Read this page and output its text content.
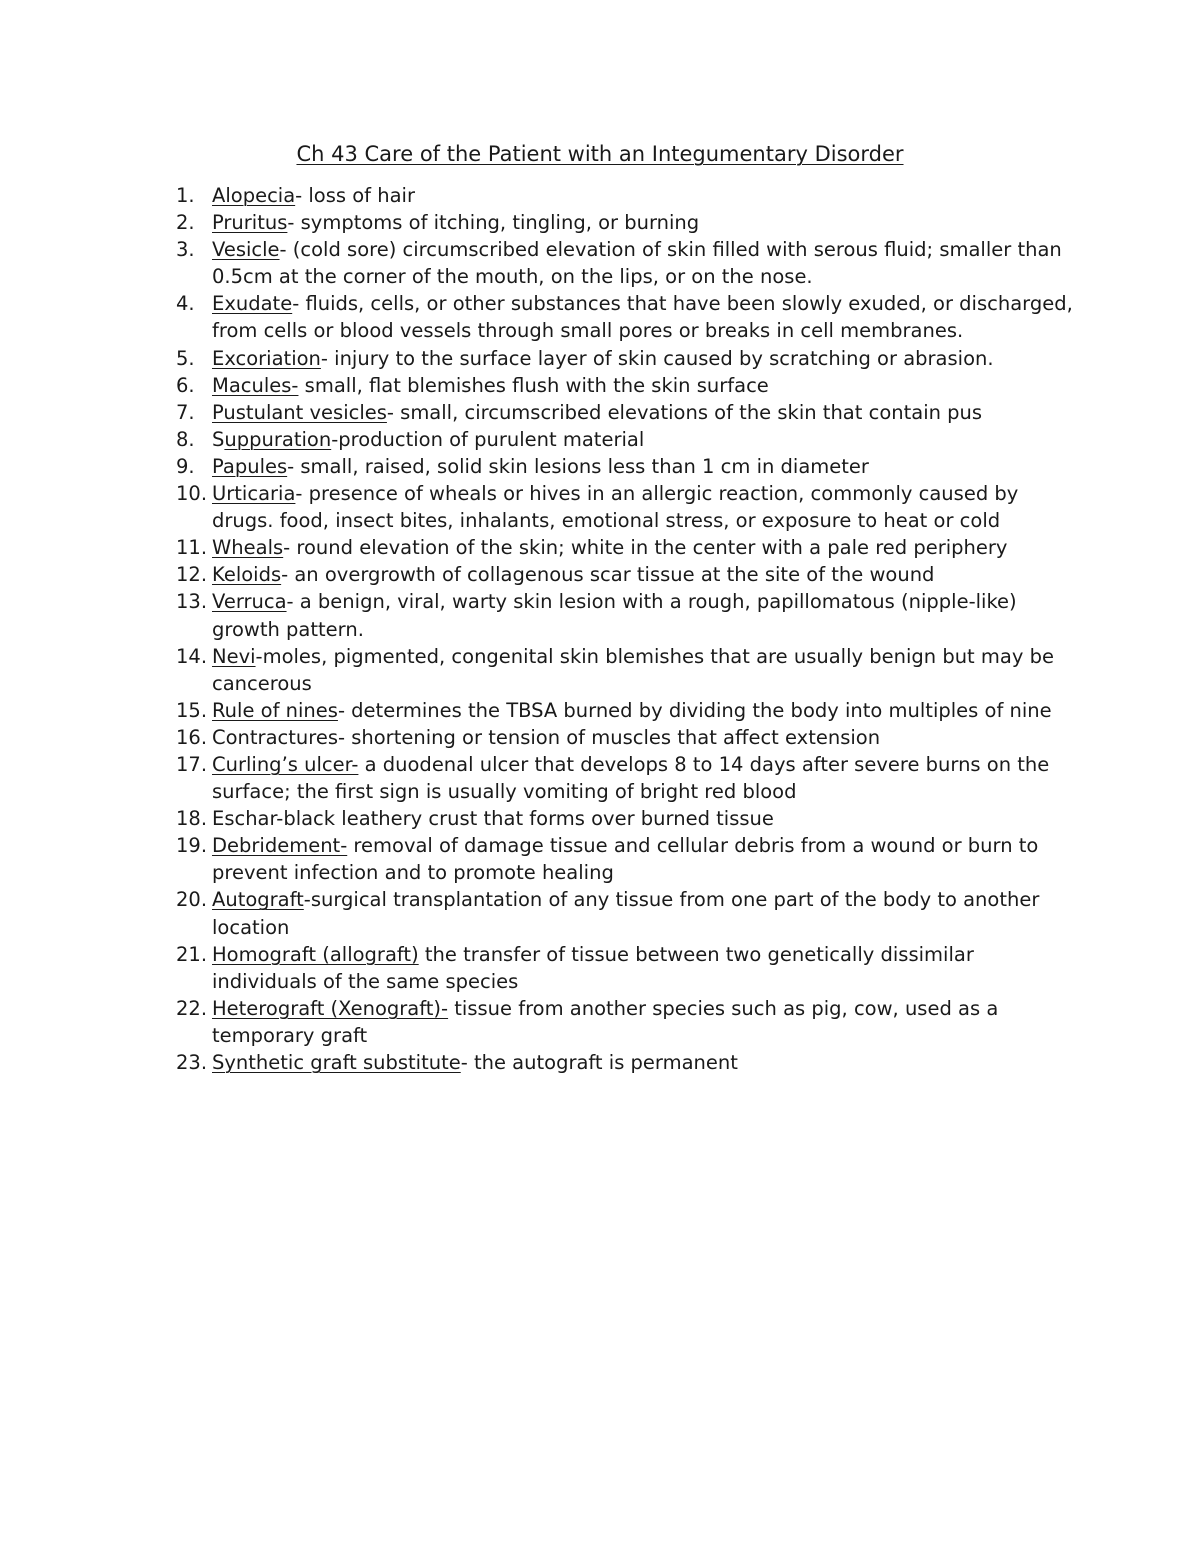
Ch 43 Care of the Patient with an Integumentary Disorder
1. Alopecia- loss of hair
2. Pruritus- symptoms of itching, tingling, or burning
3. Vesicle- (cold sore) circumscribed elevation of skin filled with serous fluid; smaller than 0.5cm at the corner of the mouth, on the lips, or on the nose.
4. Exudate- fluids, cells, or other substances that have been slowly exuded, or discharged, from cells or blood vessels through small pores or breaks in cell membranes.
5. Excoriation- injury to the surface layer of skin caused by scratching or abrasion.
6. Macules- small, flat blemishes flush with the skin surface
7. Pustulant vesicles- small, circumscribed elevations of the skin that contain pus
8. Suppuration-production of purulent material
9. Papules- small, raised, solid skin lesions less than 1 cm in diameter
10. Urticaria- presence of wheals or hives in an allergic reaction, commonly caused by drugs. food, insect bites, inhalants, emotional stress, or exposure to heat or cold
11. Wheals- round elevation of the skin; white in the center with a pale red periphery
12. Keloids- an overgrowth of collagenous scar tissue at the site of the wound
13. Verruca- a benign, viral, warty skin lesion with a rough, papillomatous (nipple-like) growth pattern.
14. Nevi-moles, pigmented, congenital skin blemishes that are usually benign but may be cancerous
15. Rule of nines- determines the TBSA burned by dividing the body into multiples of nine
16. Contractures- shortening or tension of muscles that affect extension
17. Curling’s ulcer- a duodenal ulcer that develops 8 to 14 days after severe burns on the surface; the first sign is usually vomiting of bright red blood
18. Eschar-black leathery crust that forms over burned tissue
19. Debridement- removal of damage tissue and cellular debris from a wound or burn to prevent infection and to promote healing
20. Autograft-surgical transplantation of any tissue from one part of the body to another location
21. Homograft (allograft) the transfer of tissue between two genetically dissimilar individuals of the same species
22. Heterograft (Xenograft)- tissue from another species such as pig, cow, used as a temporary graft
23. Synthetic graft substitute- the autograft is permanent
